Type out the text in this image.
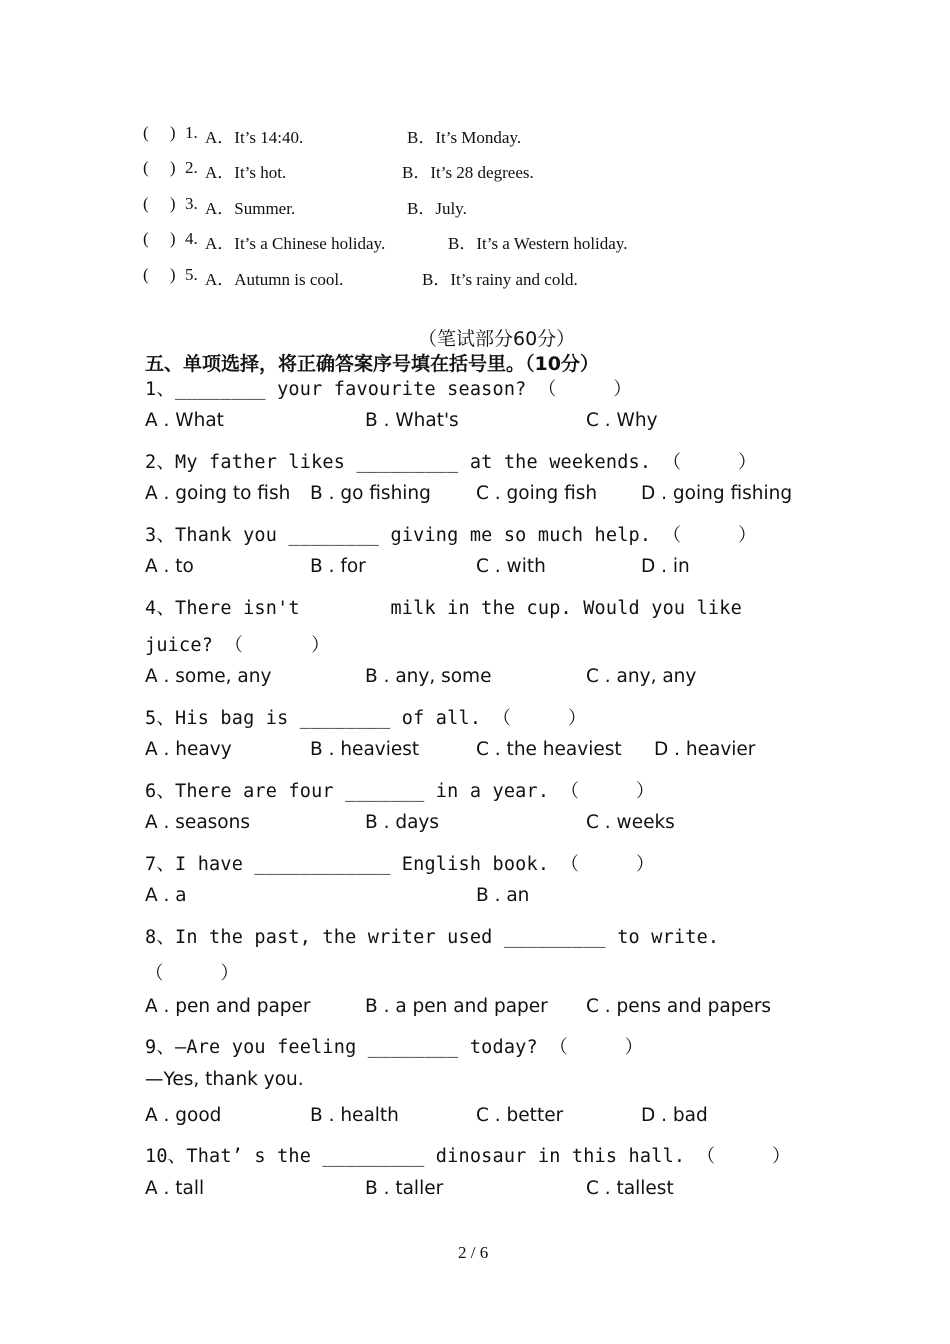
(     ) 1. A．It’s 14:40.	B．It’s Monday.
(     ) 2. A．It’s hot.	B．It’s 28 degrees.
(     ) 3. A．Summer.	B．July.
(     ) 4. A．It’s a Chinese holiday.	B．It’s a Western holiday.
(     ) 5. A．Autumn is cool.	B．It’s rainy and cold.
（笔试部分60分）
五、单项选择，将正确答案序号填在括号里。（10分）
1、________ your favourite season? （     ）
A . What	B . What's	C . Why
2、My father likes _________ at the weekends. （     ）
A . going to fish B . go fishing C . going fish D . going fishing
3、Thank you ________ giving me so much help. （     ）
A . to	B . for	C . with	D . in
4、There isn't        milk in the cup. Would you like
juice? （      ）
A . some, any	B . any, some	C . any, any
5、His bag is ________ of all. （     ）
A . heavy	B . heaviest	C . the heaviest D . heavier
6、There are four _______ in a year. （     ）
A . seasons	B . days	C . weeks
7、I have ____________ English book. （     ）
A . a	B . an
8、In the past, the writer used _________ to write.
（     ）
A . pen and paper	B . a pen and paper C . pens and papers
9、—Are you feeling ________ today? （     ）
—Yes, thank you.
A . good	B . health	C . better	D . bad
10、That’ s the _________ dinosaur in this hall. （     ）
A . tall	B . taller	C . tallest
2 / 6
